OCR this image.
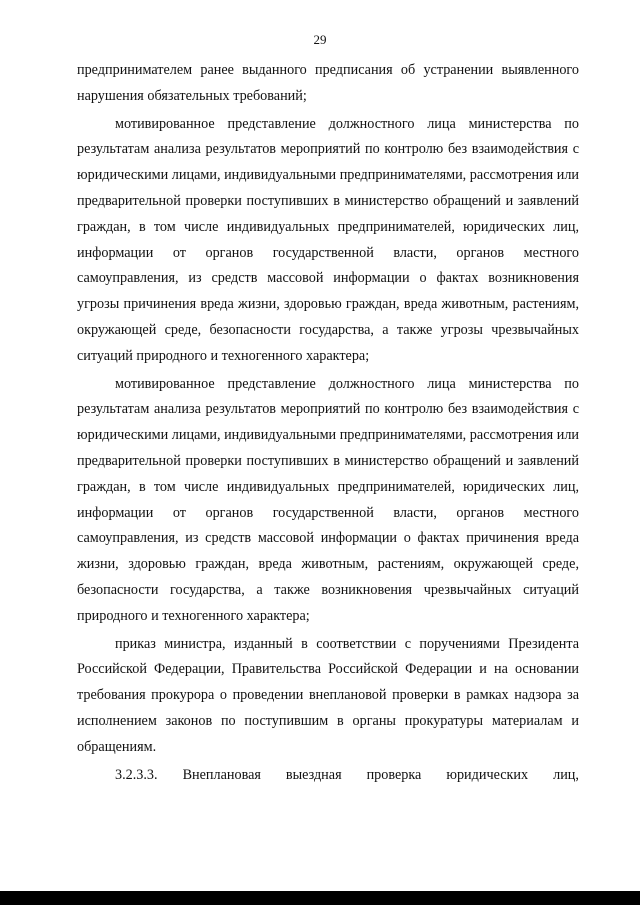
29

предпринимателем ранее выданного предписания об устранении выявленного нарушения обязательных требований;

мотивированное представление должностного лица министерства по результатам анализа результатов мероприятий по контролю без взаимодействия с юридическими лицами, индивидуальными предпринимателями, рассмотрения или предварительной проверки поступивших в министерство обращений и заявлений граждан, в том числе индивидуальных предпринимателей, юридических лиц, информации от органов государственной власти, органов местного самоуправления, из средств массовой информации о фактах возникновения угрозы причинения вреда жизни, здоровью граждан, вреда животным, растениям, окружающей среде, безопасности государства, а также угрозы чрезвычайных ситуаций природного и техногенного характера;

мотивированное представление должностного лица министерства по результатам анализа результатов мероприятий по контролю без взаимодействия с юридическими лицами, индивидуальными предпринимателями, рассмотрения или предварительной проверки поступивших в министерство обращений и заявлений граждан, в том числе индивидуальных предпринимателей, юридических лиц, информации от органов государственной власти, органов местного самоуправления, из средств массовой информации о фактах причинения вреда жизни, здоровью граждан, вреда животным, растениям, окружающей среде, безопасности государства, а также возникновения чрезвычайных ситуаций природного и техногенного характера;

приказ министра, изданный в соответствии с поручениями Президента Российской Федерации, Правительства Российской Федерации и на основании требования прокурора о проведении внеплановой проверки в рамках надзора за исполнением законов по поступившим в органы прокуратуры материалам и обращениям.

3.2.3.3. Внеплановая выездная проверка юридических лиц,
